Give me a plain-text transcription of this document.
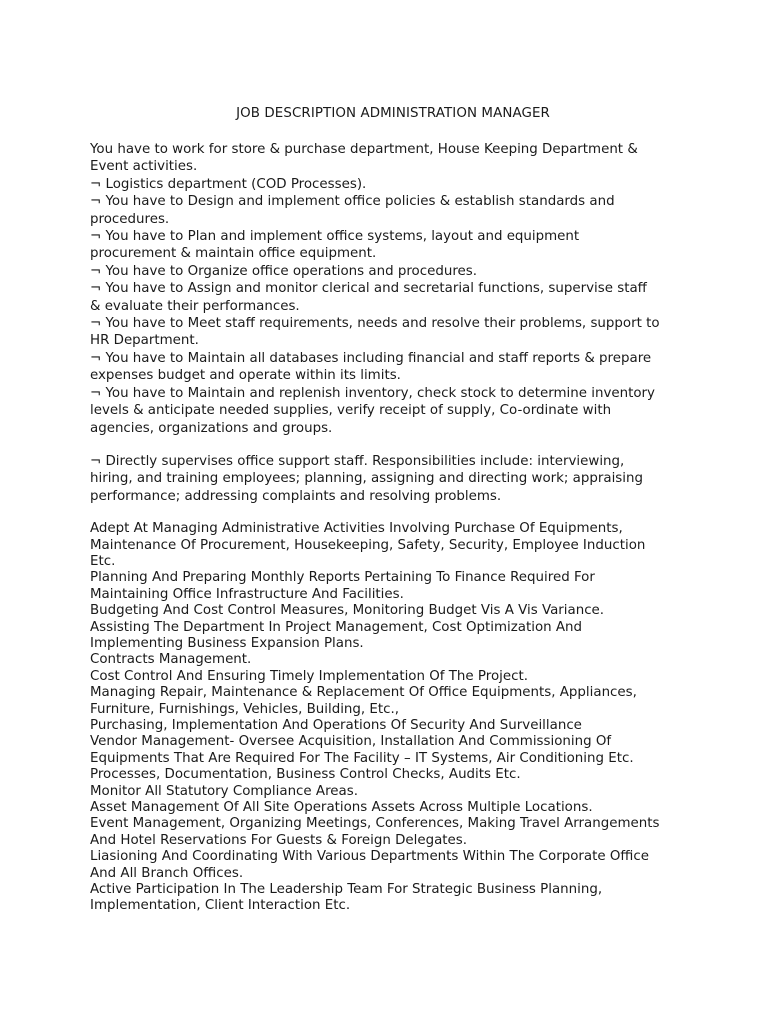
JOB DESCRIPTION ADMINISTRATION MANAGER

You have to work for store & purchase department, House Keeping Department &
Event activities.

¬ Logistics department (COD Processes).

¬ You have to Design and implement office policies & establish standards and
procedures.

¬ You have to Plan and implement office systems, layout and equipment
procurement & maintain office equipment.

¬ You have to Organize office operations and procedures.

¬ You have to Assign and monitor clerical and secretarial functions, supervise staff
& evaluate their performances.

¬ You have to Meet staff requirements, needs and resolve their problems, support to
HR Department.

¬ You have to Maintain all databases including financial and staff reports & prepare
expenses budget and operate within its limits.

¬ You have to Maintain and replenish inventory, check stock to determine inventory
levels & anticipate needed supplies, verify receipt of supply, Co-ordinate with
agencies, organizations and groups.

¬ Directly supervises office support staff. Responsibilities include: interviewing,
hiring, and training employees; planning, assigning and directing work; appraising
performance; addressing complaints and resolving problems.

Adept At Managing Administrative Activities Involving Purchase Of Equipments,
Maintenance Of Procurement, Housekeeping, Safety, Security, Employee Induction
Etc.

Planning And Preparing Monthly Reports Pertaining To Finance Required For
Maintaining Office Infrastructure And Facilities.

Budgeting And Cost Control Measures, Monitoring Budget Vis A Vis Variance.

Assisting The Department In Project Management, Cost Optimization And
Implementing Business Expansion Plans.

Contracts Management.

Cost Control And Ensuring Timely Implementation Of The Project.

Managing Repair, Maintenance & Replacement Of Office Equipments, Appliances,
Furniture, Furnishings, Vehicles, Building, Etc.,

Purchasing, Implementation And Operations Of Security And Surveillance

Vendor Management- Oversee Acquisition, Installation And Commissioning Of
Equipments That Are Required For The Facility – IT Systems, Air Conditioning Etc.

Processes, Documentation, Business Control Checks, Audits Etc.

Monitor All Statutory Compliance Areas.

Asset Management Of All Site Operations Assets Across Multiple Locations.

Event Management, Organizing Meetings, Conferences, Making Travel Arrangements
And Hotel Reservations For Guests & Foreign Delegates.

Liasioning And Coordinating With Various Departments Within The Corporate Office
And All Branch Offices.

Active Participation In The Leadership Team For Strategic Business Planning,
Implementation, Client Interaction Etc.
